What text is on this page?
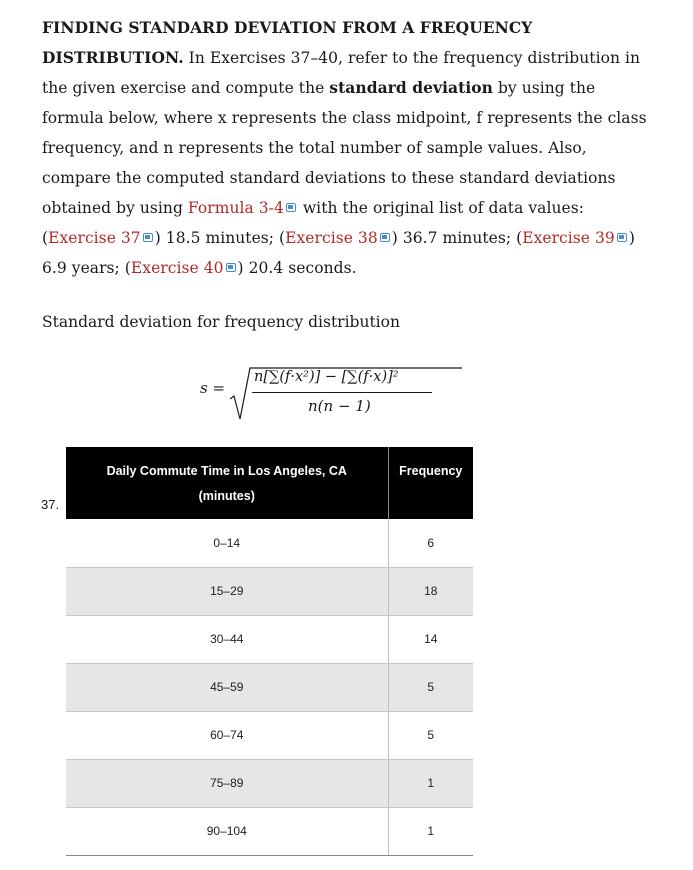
FINDING STANDARD DEVIATION FROM A FREQUENCY
DISTRIBUTION. In Exercises 37–40, refer to the frequency distribution in the given exercise and compute the standard deviation by using the formula below, where x represents the class midpoint, f represents the class frequency, and n represents the total number of sample values. Also, compare the computed standard deviations to these standard deviations obtained by using Formula 3-4 with the original list of data values: (Exercise 37 ) 18.5 minutes; (Exercise 38 ) 36.7 minutes; (Exercise 39 ) 6.9 years; (Exercise 40 ) 20.4 seconds.

Standard deviation for frequency distribution

s =
n[∑(f·x²)] − [∑(f·x)]²
n(n − 1)
37.
Daily Commute Time in Los Angeles, CA
(minutes)	Frequency
0–14	6
15–29	18
30–44	14
45–59	5
60–74	5
75–89	1
90–104	1
